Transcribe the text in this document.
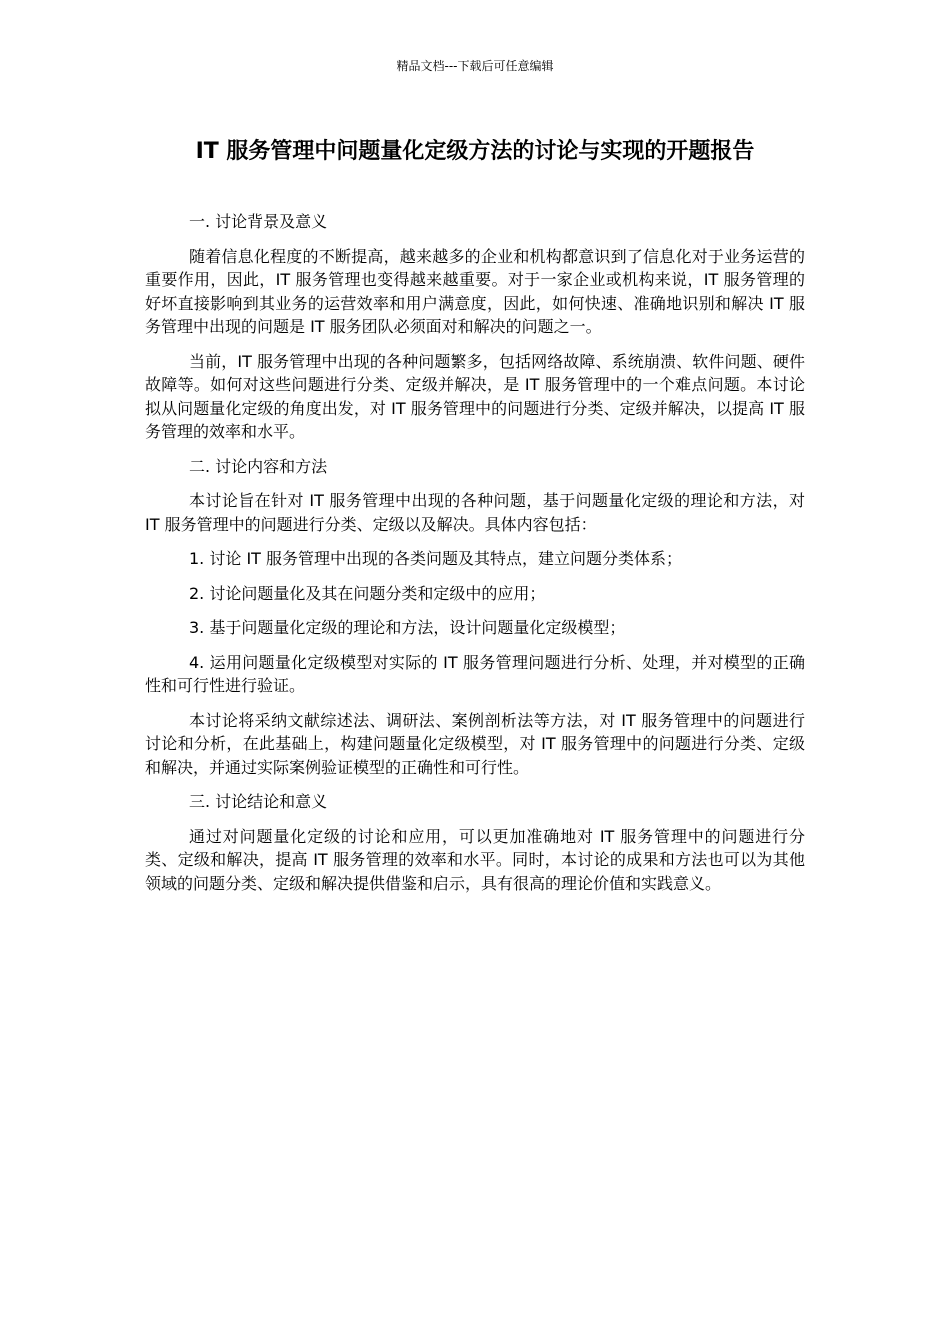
精品文档---下载后可任意编辑
IT 服务管理中问题量化定级方法的讨论与实现的开题报告

一. 讨论背景及意义

随着信息化程度的不断提高，越来越多的企业和机构都意识到了信息化对于业务运营的重要作用，因此，IT 服务管理也变得越来越重要。对于一家企业或机构来说，IT 服务管理的好坏直接影响到其业务的运营效率和用户满意度，因此，如何快速、准确地识别和解决 IT 服务管理中出现的问题是 IT 服务团队必须面对和解决的问题之一。

当前，IT 服务管理中出现的各种问题繁多，包括网络故障、系统崩溃、软件问题、硬件故障等。如何对这些问题进行分类、定级并解决，是 IT 服务管理中的一个难点问题。本讨论拟从问题量化定级的角度出发，对 IT 服务管理中的问题进行分类、定级并解决，以提高 IT 服务管理的效率和水平。

二. 讨论内容和方法

本讨论旨在针对 IT 服务管理中出现的各种问题，基于问题量化定级的理论和方法，对 IT 服务管理中的问题进行分类、定级以及解决。具体内容包括：

1. 讨论 IT 服务管理中出现的各类问题及其特点，建立问题分类体系；

2. 讨论问题量化及其在问题分类和定级中的应用；

3. 基于问题量化定级的理论和方法，设计问题量化定级模型；

4. 运用问题量化定级模型对实际的 IT 服务管理问题进行分析、处理，并对模型的正确性和可行性进行验证。

本讨论将采纳文献综述法、调研法、案例剖析法等方法，对 IT 服务管理中的问题进行讨论和分析，在此基础上，构建问题量化定级模型，对 IT 服务管理中的问题进行分类、定级和解决，并通过实际案例验证模型的正确性和可行性。

三. 讨论结论和意义

通过对问题量化定级的讨论和应用，可以更加准确地对 IT 服务管理中的问题进行分类、定级和解决，提高 IT 服务管理的效率和水平。同时，本讨论的成果和方法也可以为其他领域的问题分类、定级和解决提供借鉴和启示，具有很高的理论价值和实践意义。
